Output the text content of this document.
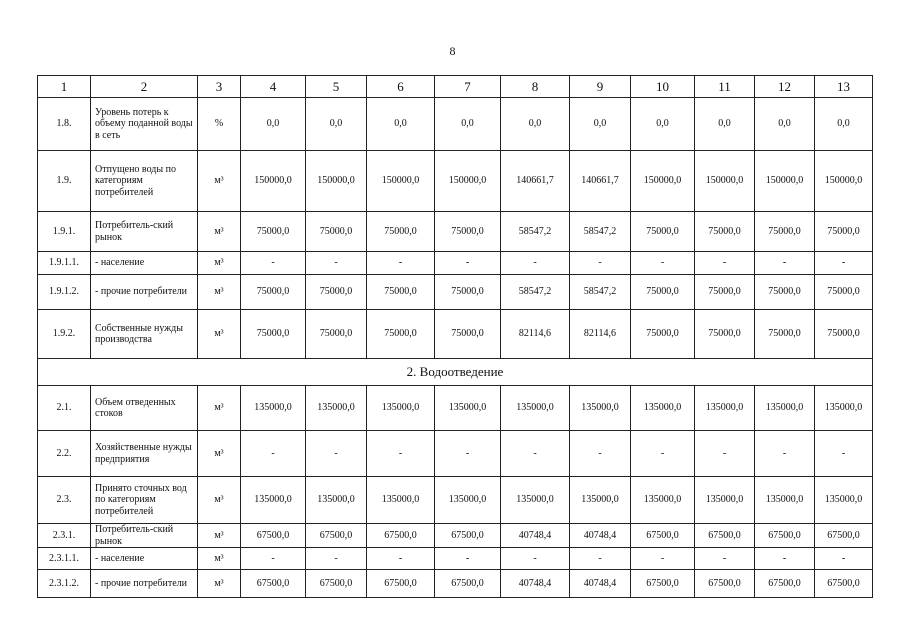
8
1	2	3	4	5	6	7	8	9	10	11	12	13
1.8.	Уровень потерь к объему поданной воды в сеть	%	0,0	0,0	0,0	0,0	0,0	0,0	0,0	0,0	0,0	0,0
1.9.	Отпущено воды по категориям потребителей	м³	150000,0	150000,0	150000,0	150000,0	140661,7	140661,7	150000,0	150000,0	150000,0	150000,0
1.9.1.	Потребитель-ский рынок	м³	75000,0	75000,0	75000,0	75000,0	58547,2	58547,2	75000,0	75000,0	75000,0	75000,0
1.9.1.1.	- население	м³	-	-	-	-	-	-	-	-	-	-
1.9.1.2.	- прочие потребители	м³	75000,0	75000,0	75000,0	75000,0	58547,2	58547,2	75000,0	75000,0	75000,0	75000,0
1.9.2.	Собственные нужды производства	м³	75000,0	75000,0	75000,0	75000,0	82114,6	82114,6	75000,0	75000,0	75000,0	75000,0
2. Водоотведение												
2.1.	Объем отведенных стоков	м³	135000,0	135000,0	135000,0	135000,0	135000,0	135000,0	135000,0	135000,0	135000,0	135000,0
2.2.	Хозяйственные нужды предприятия	м³	-	-	-	-	-	-	-	-	-	-
2.3.	Принято сточных вод по категориям потребителей	м³	135000,0	135000,0	135000,0	135000,0	135000,0	135000,0	135000,0	135000,0	135000,0	135000,0
2.3.1.	Потребитель-ский рынок	м³	67500,0	67500,0	67500,0	67500,0	40748,4	40748,4	67500,0	67500,0	67500,0	67500,0
2.3.1.1.	- население	м³	-	-	-	-	-	-	-	-	-	-
2.3.1.2.	- прочие потребители	м³	67500,0	67500,0	67500,0	67500,0	40748,4	40748,4	67500,0	67500,0	67500,0	67500,0
